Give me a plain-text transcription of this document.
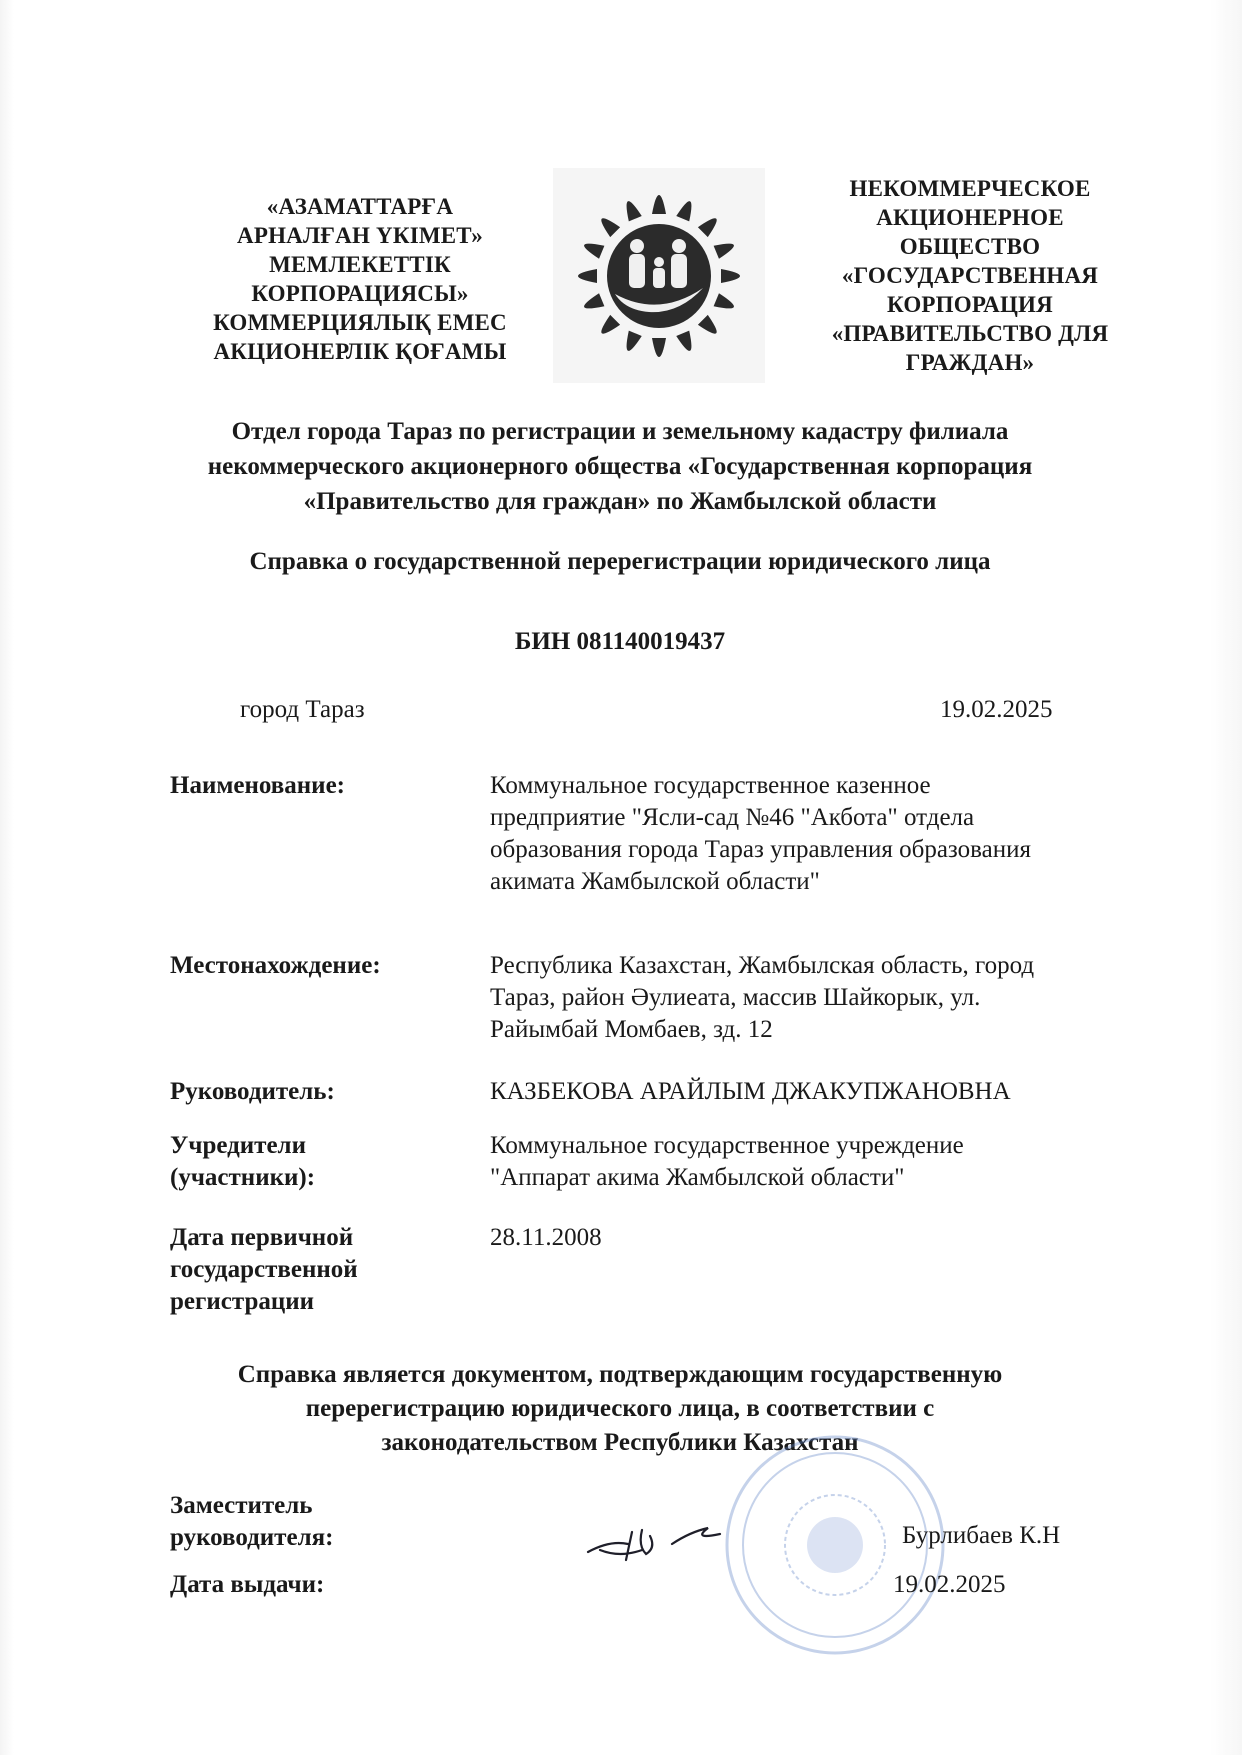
«АЗАМАТТАРҒА
АРНАЛҒАН ҮКІМЕТ»
МЕМЛЕКЕТТІК
КОРПОРАЦИЯСЫ»
КОММЕРЦИЯЛЫҚ ЕМЕС
АКЦИОНЕРЛІК ҚОҒАМЫ
НЕКОММЕРЧЕСКОЕ
АКЦИОНЕРНОЕ
ОБЩЕСТВО
«ГОСУДАРСТВЕННАЯ
КОРПОРАЦИЯ
«ПРАВИТЕЛЬСТВО ДЛЯ
ГРАЖДАН»
Отдел города Тараз по регистрации и земельному кадастру филиала
некоммерческого акционерного общества «Государственная корпорация
«Правительство для граждан» по Жамбылской области
Справка о государственной перерегистрации юридического лица
БИН 081140019437
город Тараз	19.02.2025
Наименование:	Коммунальное государственное казенное
предприятие "Ясли-сад №46 "Акбота" отдела
образования города Тараз управления образования
акимата Жамбылской области"
Местонахождение:	Республика Казахстан, Жамбылская область, город
Тараз, район Әулиеата, массив Шайкорык, ул.
Райымбай Момбаев, зд. 12
Руководитель:	КАЗБЕКОВА АРАЙЛЫМ ДЖАКУПЖАНОВНА
Учредители
(участники):
Коммунальное государственное учреждение
"Аппарат акима Жамбылской области"
Дата первичной
государственной
регистрации
28.11.2008
Справка является документом, подтверждающим государственную
перерегистрацию юридического лица, в соответствии с
законодательством Республики Казахстан
Заместитель
руководителя:	Бурлибаев К.Н
Дата выдачи:	19.02.2025
